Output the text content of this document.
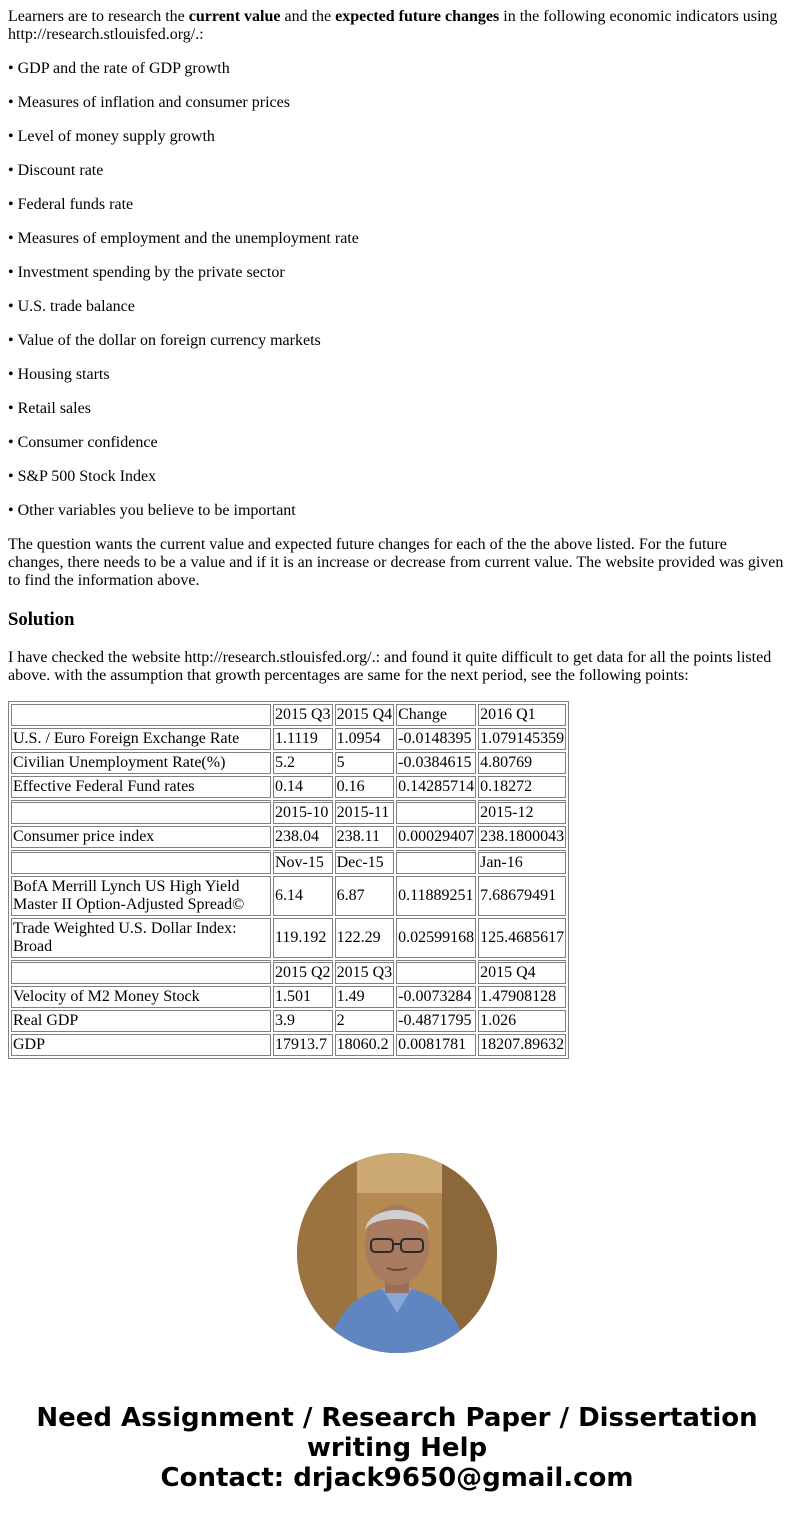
Learners are to research the current value and the expected future changes in the following economic indicators using http://research.stlouisfed.org/.:

• GDP and the rate of GDP growth
• Measures of inflation and consumer prices
• Level of money supply growth
• Discount rate
• Federal funds rate
• Measures of employment and the unemployment rate
• Investment spending by the private sector
• U.S. trade balance
• Value of the dollar on foreign currency markets
• Housing starts
• Retail sales
• Consumer confidence
• S&P 500 Stock Index
• Other variables you believe to be important

The question wants the current value and expected future changes for each of the the above listed. For the future changes, there needs to be a value and if it is an increase or decrease from current value. The website provided was given to find the information above.

Solution

I have checked the website http://research.stlouisfed.org/.: and found it quite difficult to get data for all the points listed above. with the assumption that growth percentages are same for the next period, see the following points:

	2015 Q3	2015 Q4	Change	2016 Q1
U.S. / Euro Foreign Exchange Rate	1.1119	1.0954	-0.0148395	1.079145359
Civilian Unemployment Rate(%)	5.2	5	-0.0384615	4.80769
Effective Federal Fund rates	0.14	0.16	0.14285714	0.18272
	2015-10	2015-11		2015-12
Consumer price index	238.04	238.11	0.00029407	238.1800043
	Nov-15	Dec-15		Jan-16
BofA Merrill Lynch US High Yield Master II Option-Adjusted Spread©	6.14	6.87	0.11889251	7.68679491
Trade Weighted U.S. Dollar Index: Broad	119.192	122.29	0.02599168	125.4685617
	2015 Q2	2015 Q3		2015 Q4
Velocity of M2 Money Stock	1.501	1.49	-0.0073284	1.47908128
Real GDP	3.9	2	-0.4871795	1.026
GDP	17913.7	18060.2	0.0081781	18207.89632
Need Assignment / Research Paper / Dissertation
writing Help
Contact: drjack9650@gmail.com
